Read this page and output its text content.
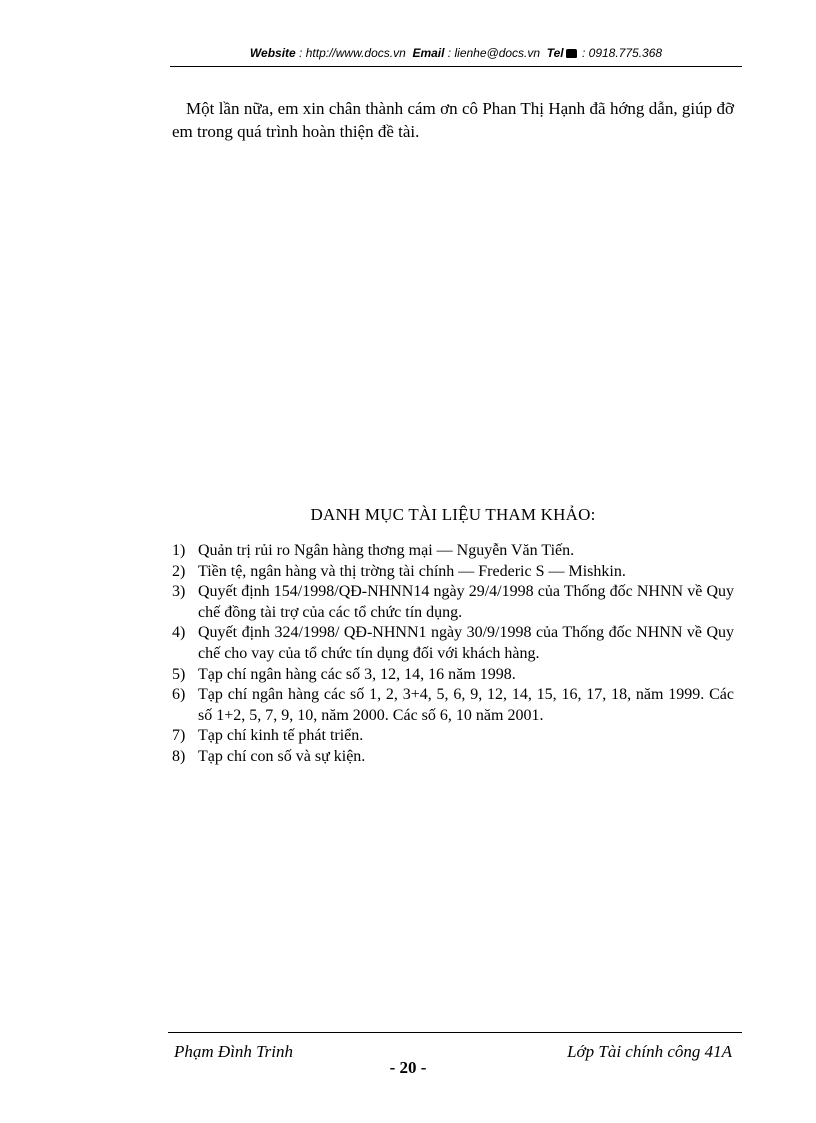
Website : http://www.docs.vn Email : lienhe@docs.vn Tel : 0918.775.368
Một lần nữa, em xin chân thành cám ơn cô Phan Thị Hạnh đã hớng dẫn, giúp đỡ em trong quá trình hoàn thiện đề tài.
DANH MỤC TÀI LIỆU THAM KHẢO:
1) Quản trị rủi ro Ngân hàng thơng mại — Nguyễn Văn Tiến.
2) Tiền tệ, ngân hàng và thị trờng tài chính — Frederic S — Mishkin.
3) Quyết định 154/1998/QĐ-NHNN14 ngày 29/4/1998 của Thống đốc NHNN về Quy chế đồng tài trợ của các tổ chức tín dụng.
4) Quyết định 324/1998/ QĐ-NHNN1 ngày 30/9/1998 của Thống đốc NHNN về Quy chế cho vay của tổ chức tín dụng đối với khách hàng.
5) Tạp chí ngân hàng các số 3, 12, 14, 16 năm 1998.
6) Tạp chí ngân hàng các số 1, 2, 3+4, 5, 6, 9, 12, 14, 15, 16, 17, 18, năm 1999. Các số 1+2, 5, 7, 9, 10, năm 2000. Các số 6, 10 năm 2001.
7) Tạp chí kinh tế phát triển.
8) Tạp chí con số và sự kiện.
Phạm Đình Trinh	Lớp Tài chính công 41A
- 20 -
